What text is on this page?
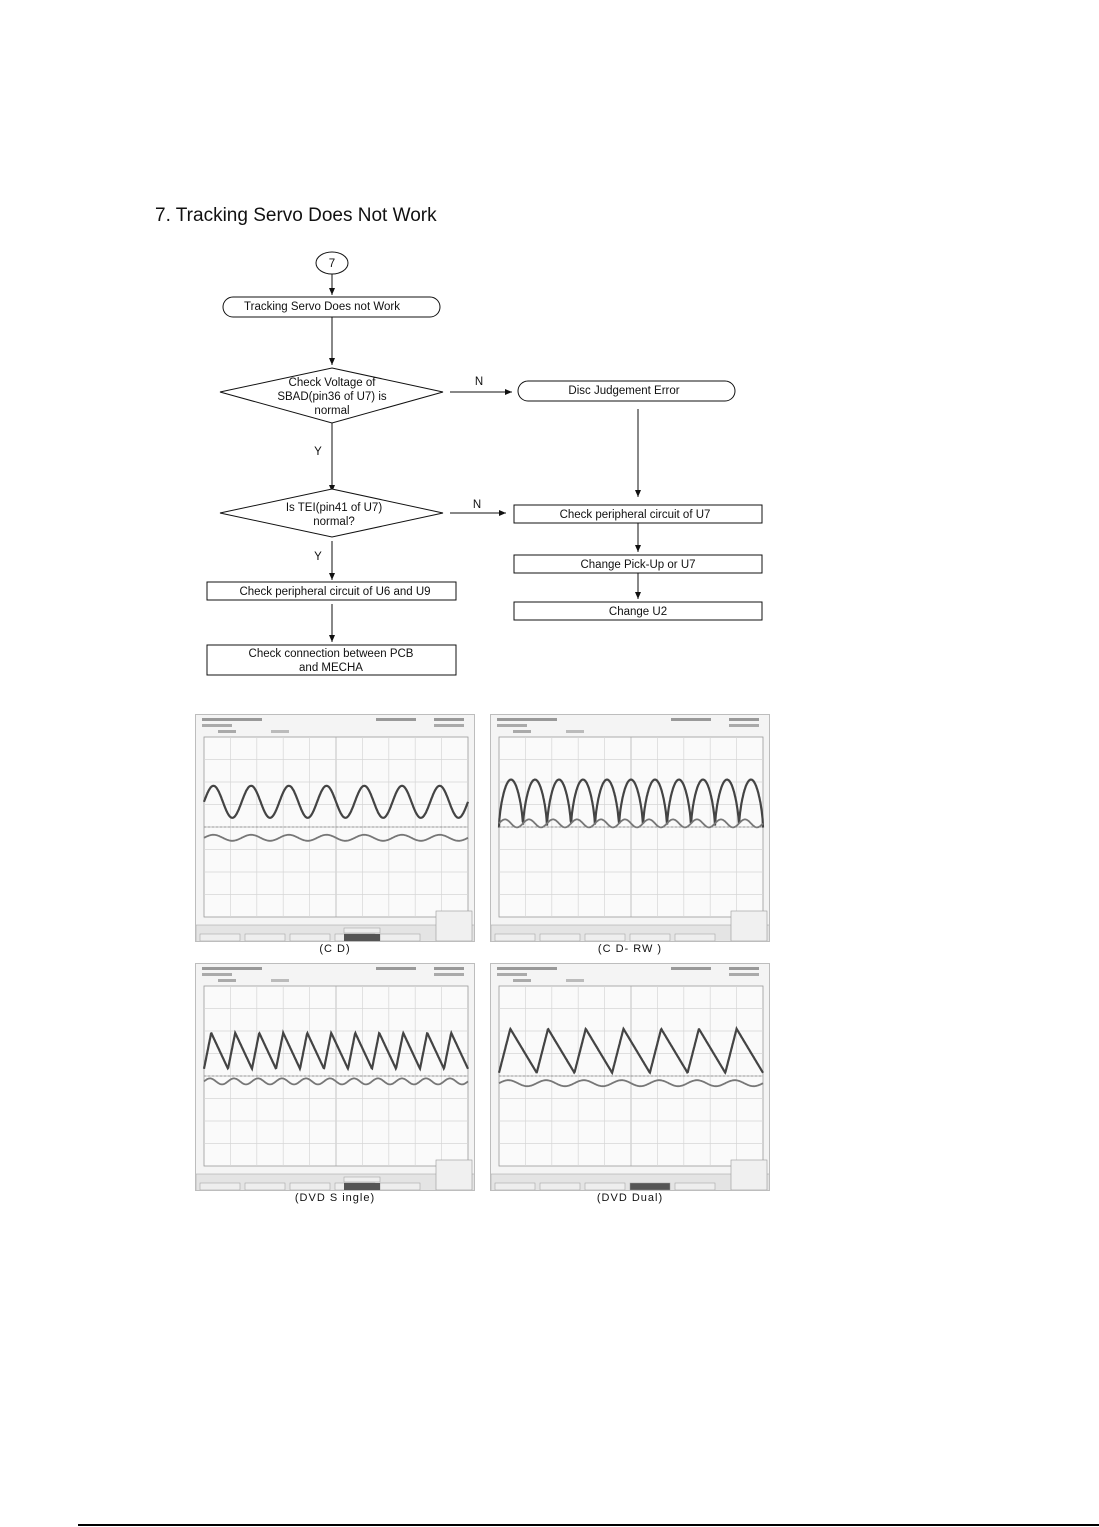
7. Tracking Servo Does Not Work
7
Tracking Servo Does not Work
Check Voltage of
SBAD(pin36 of U7) is
normal
N
Y
Disc Judgement Error
Is TEI(pin41 of U7)
normal?
N
Y
Check peripheral circuit of U7
Change Pick-Up or U7
Change U2
Check peripheral circuit of U6 and U9
Check connection between PCB
and MECHA
(C D)	(C D- RW )
(DVD S ingle)	(DVD Dual)
